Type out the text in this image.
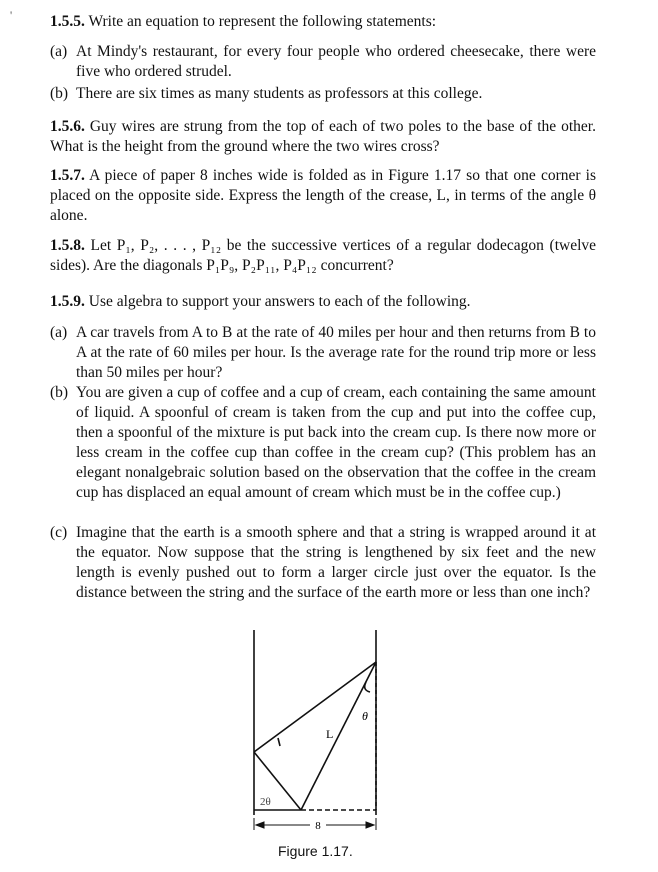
' 1.5.5. Write an equation to represent the following statements:
(a) At Mindy's restaurant, for every four people who ordered cheesecake, there were five who ordered strudel.
(b) There are six times as many students as professors at this college.
1.5.6. Guy wires are strung from the top of each of two poles to the base of the other. What is the height from the ground where the two wires cross?
1.5.7. A piece of paper 8 inches wide is folded as in Figure 1.17 so that one corner is placed on the opposite side. Express the length of the crease, L, in terms of the angle θ alone.
1.5.8. Let P₁, P₂, . . . , P₁₂ be the successive vertices of a regular dodecagon (twelve sides). Are the diagonals P₁P₉, P₂P₁₁, P₄P₁₂ concurrent?
1.5.9. Use algebra to support your answers to each of the following.
(a) A car travels from A to B at the rate of 40 miles per hour and then returns from B to A at the rate of 60 miles per hour. Is the average rate for the round trip more or less than 50 miles per hour?
(b) You are given a cup of coffee and a cup of cream, each containing the same amount of liquid. A spoonful of cream is taken from the cup and put into the coffee cup, then a spoonful of the mixture is put back into the cream cup. Is there now more or less cream in the coffee cup than coffee in the cream cup? (This problem has an elegant nonalgebraic solution based on the observation that the coffee in the cream cup has displaced an equal amount of cream which must be in the coffee cup.)
(c) Imagine that the earth is a smooth sphere and that a string is wrapped around it at the equator. Now suppose that the string is lengthened by six feet and the new length is evenly pushed out to form a larger circle just over the equator. Is the distance between the string and the surface of the earth more or less than one inch?
8
L
θ
2θ
Figure 1.17.
